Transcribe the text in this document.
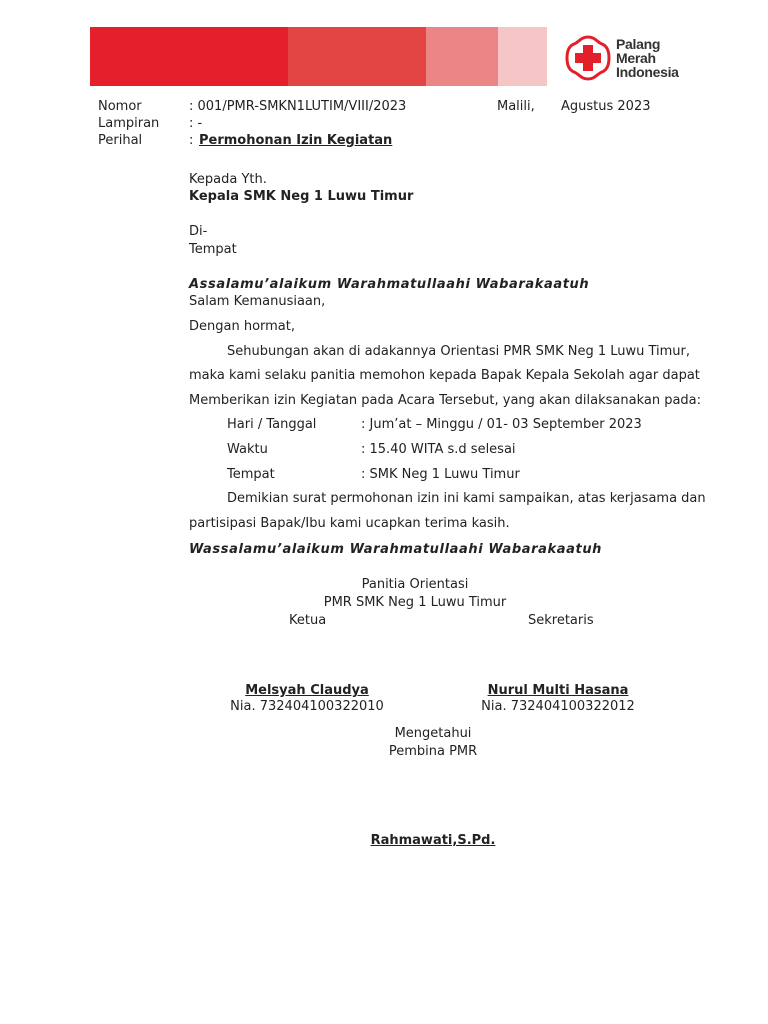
Palang
Merah
Indonesia
Nomor	: 001/PMR-SMKN1LUTIM/VIII/2023
Lampiran : -
Perihal	: Permohonan Izin Kegiatan
Malili, Agustus 2023
Kepada Yth.
Kepala SMK Neg 1 Luwu Timur
Di-
Tempat
Assalamu’alaikum Warahmatullaahi Wabarakaatuh
Salam Kemanusiaan,
Dengan hormat,
Sehubungan akan di adakannya Orientasi PMR SMK Neg 1 Luwu Timur,
maka kami selaku panitia memohon kepada Bapak Kepala Sekolah agar dapat
Memberikan izin Kegiatan pada Acara Tersebut, yang akan dilaksanakan pada:
Hari / Tanggal	: Jum’at – Minggu / 01- 03 September 2023
Waktu	: 15.40 WITA s.d selesai
Tempat	: SMK Neg 1 Luwu Timur
Demikian surat permohonan izin ini kami sampaikan, atas kerjasama dan
partisipasi Bapak/Ibu kami ucapkan terima kasih.
Wassalamu’alaikum Warahmatullaahi Wabarakaatuh
Panitia Orientasi
PMR SMK Neg 1 Luwu Timur
Ketua	Sekretaris
Melsyah Claudya
Nia. 732404100322010
Nurul Multi Hasana
Nia. 732404100322012
Mengetahui
Pembina PMR
Rahmawati,S.Pd.
